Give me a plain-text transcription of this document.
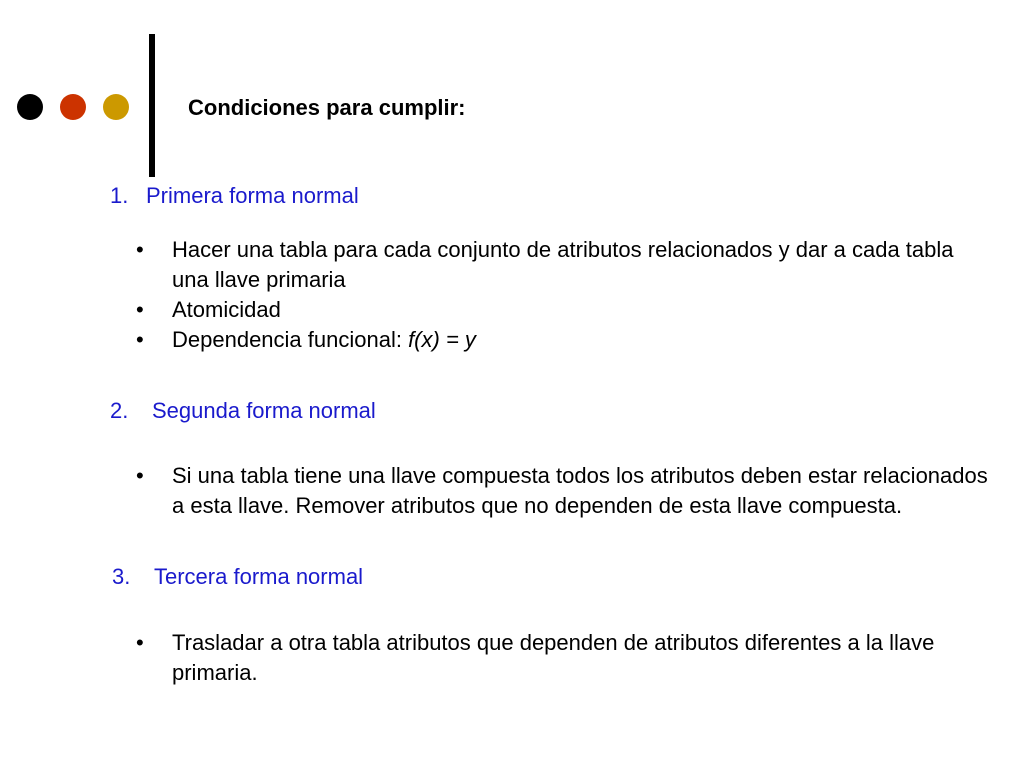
Condiciones para cumplir:
1. Primera forma normal
•	Hacer una tabla para cada conjunto de atributos relacionados y dar a cada tabla una llave primaria
•	Atomicidad
•	Dependencia funcional: f(x) = y
2. Segunda forma normal
•	Si una tabla tiene una llave compuesta todos los atributos deben estar relacionados a esta llave. Remover atributos que no dependen de esta llave compuesta.
3. Tercera forma normal
•	Trasladar a otra tabla atributos que dependen de atributos diferentes a la llave primaria.
